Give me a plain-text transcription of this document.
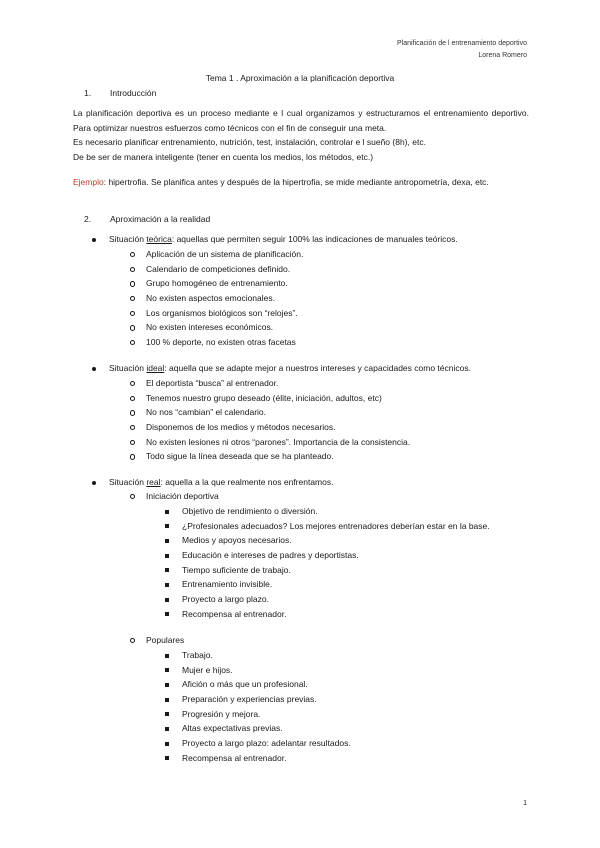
Planificación de l entrenamiento deportivo
Lorena Romero
Tema 1 . Aproximación a la planificación deportiva
1. Introducción

La planificación deportiva es un proceso mediante e l cual organizamos y estructuramos el entrenamiento deportivo. Para optimizar nuestros esfuerzos como técnicos con el fin de conseguir una meta.

Es necesario planificar entrenamiento, nutrición, test, instalación, controlar e l sueño (8h), etc.

De be ser de manera inteligente (tener en cuenta los medios, los métodos, etc.)

Ejemplo: hipertrofia. Se planifica antes y después de la hipertrofia, se mide mediante antropometría, dexa, etc.

2. Aproximación a la realidad
Situación teórica: aquellas que permiten seguir 100% las indicaciones de manuales teóricos.
Aplicación de un sistema de planificación.
Calendario de competiciones definido.
Grupo homogéneo de entrenamiento.
No existen aspectos emocionales.
Los organismos biológicos son “relojes”.
No existen intereses económicos.
100 % deporte, no existen otras facetas
Situación ideal: aquella que se adapte mejor a nuestros intereses y capacidades como técnicos.
El deportista “busca” al entrenador.
Tenemos nuestro grupo deseado (élite, iniciación, adultos, etc)
No nos “cambian” el calendario.
Disponemos de los medios y métodos necesarios.
No existen lesiones ni otros “parones”. Importancia de la consistencia.
Todo sigue la línea deseada que se ha planteado.
Situación real: aquella a la que realmente nos enfrentamos.
Iniciación deportiva
Objetivo de rendimiento o diversión.
¿Profesionales adecuados? Los mejores entrenadores deberían estar en la base.
Medios y apoyos necesarios.
Educación e intereses de padres y deportistas.
Tiempo suficiente de trabajo.
Entrenamiento invisible.
Proyecto a largo plazo.
Recompensa al entrenador.
Populares
Trabajo.
Mujer e hijos.
Afición o más que un profesional.
Preparación y experiencias previas.
Progresión y mejora.
Altas expectativas previas.
Proyecto a largo plazo: adelantar resultados.
Recompensa al entrenador.
1
